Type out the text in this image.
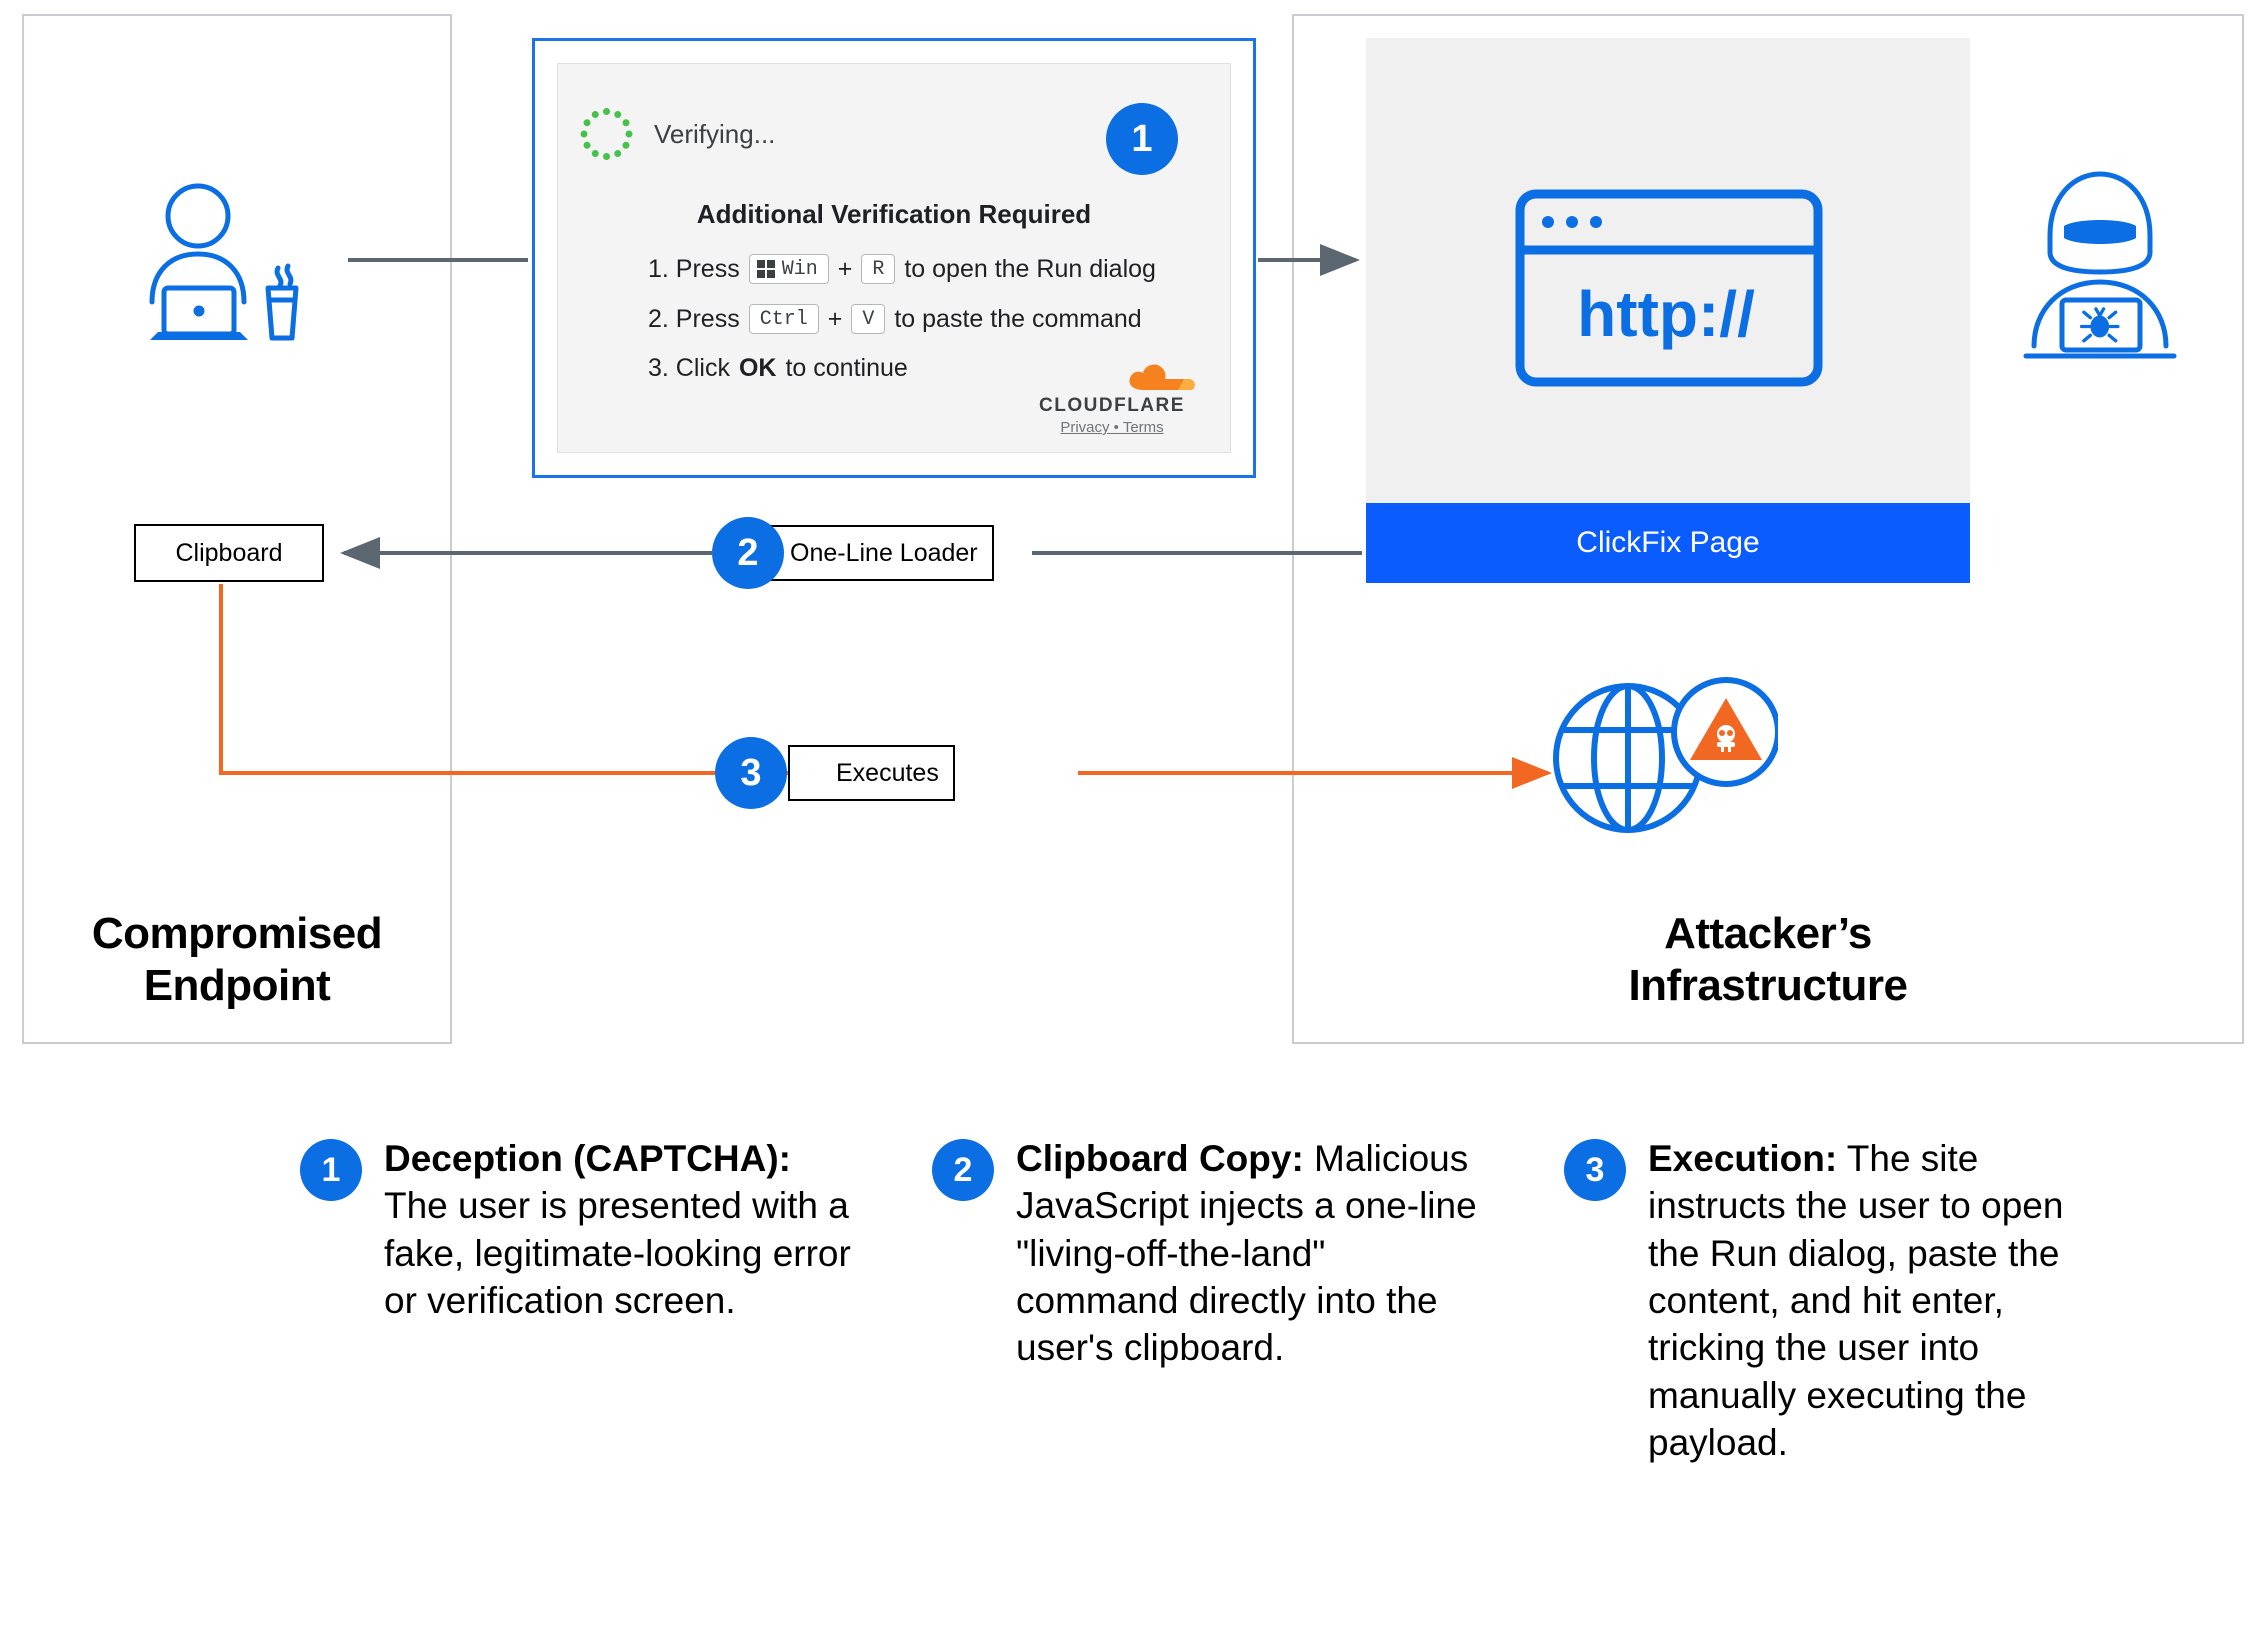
Compromised
Endpoint
Attacker’s
Infrastructure
Verifying...
Additional Verification Required
1. Press Win +	R to open the Run dialog
2. Press	Ctrl +	V to paste the command
3. Click OK to continue
CLOUDFLARE
Privacy • Terms
http://
ClickFix Page
Clipboard	One-Line Loader
Executes
1
2
3
1	Deception (CAPTCHA): The user is presented with a fake, legitimate-looking error or verification screen.
2	Clipboard Copy: Malicious JavaScript injects a one-line "living-off-the-land" command directly into the user's clipboard.
3	Execution: The site instructs the user to open the Run dialog, paste the content, and hit enter, tricking the user into manually executing the payload.
